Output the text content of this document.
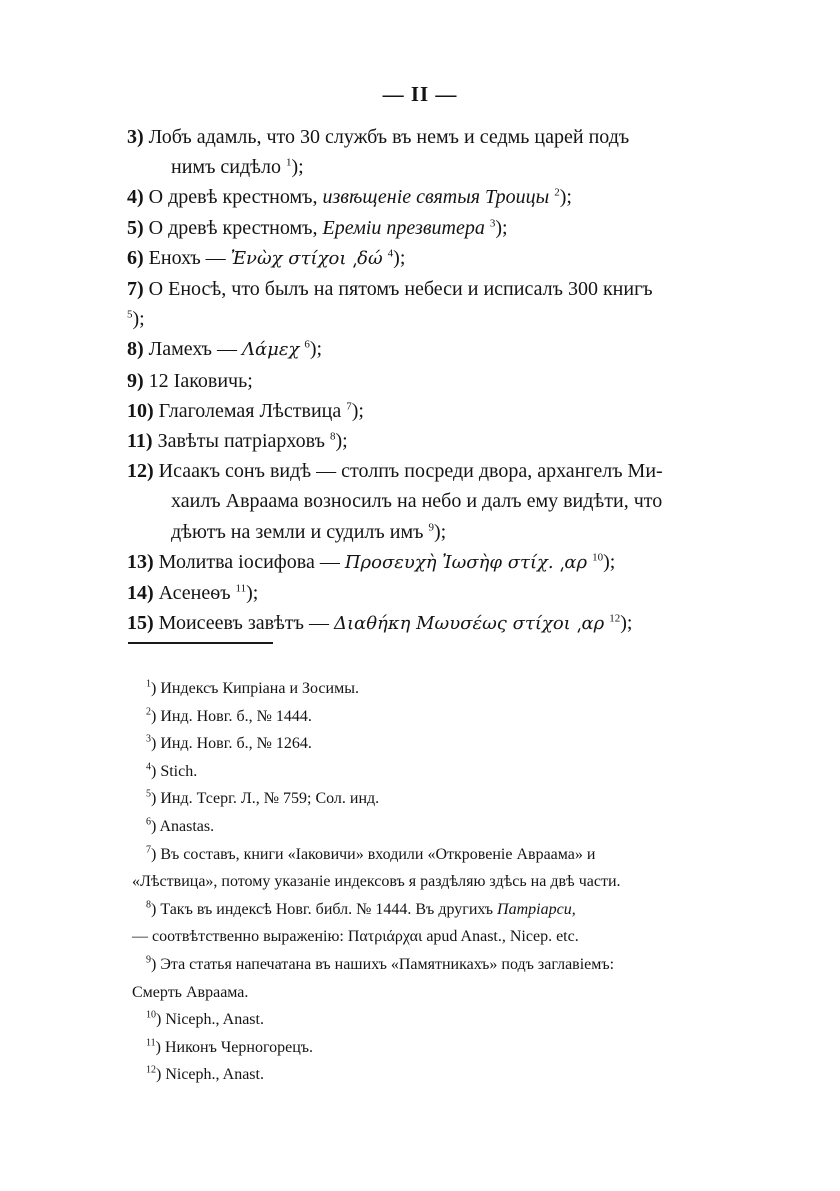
— II —
3) Лобъ адамль, что 30 службъ въ немъ и седмь царей подъ
нимъ сидѣло $^1$);
4) О древѣ крестномъ, извѣщеніе святыя Троицы $^2$);
5) О древѣ крестномъ, Ереміи презвитера $^3$);
6) Енохъ — Ἐνὼχ στίχοι ͵δώ $^4$);
7) О Еносѣ, что былъ на пятомъ небеси и исписалъ 300 книгъ $^5$);
8) Ламехъ — Λάμεχ $^6$);
9) 12 Іаковичь;
10) Глаголемая Лѣствица $^7$);
11) Завѣты патріарховъ $^8$);
12) Исаакъ сонъ видѣ — столпъ посреди двора, архангелъ Ми-
хаилъ Авраама возносилъ на небо и далъ ему видѣти, что
дѣютъ на земли и судилъ имъ $^9$);
13) Молитва іосифова — Προσευχὴ Ἰωσὴφ στίχ. ͵αρ $^{10}$);
14) Асенеѳъ $^{11}$);
15) Моисеевъ завѣтъ — Διαθήκη Μωυσέως στίχοι ͵αρ $^{12}$);
$^1$) Индексъ Кипріана и Зосимы.
$^2$) Инд. Новг. б., № 1444.
$^3$) Инд. Новг. б., № 1264.
$^4$) Stich.
$^5$) Инд. Тсерг. Л., № 759; Сол. инд.
$^6$) Anastas.
$^7$) Въ составъ, книги «Іаковичи» входили «Откровеніе Авраама» и
«Лѣствица», потому указаніе индексовъ я раздѣляю здѣсь на двѣ части.
$^8$) Такъ въ индексѣ Новг. библ. № 1444. Въ другихъ Патріарси,
— соотвѣтственно выраженію: Πατριάρχαι apud Anast., Nicep. etc.
$^9$) Эта статья напечатана въ нашихъ «Памятникахъ» подъ заглавіемъ:
Смерть Авраама.
$^{10}$) Niceph., Anast.
$^{11}$) Никонъ Черногорецъ.
$^{12}$) Niceph., Anast.
